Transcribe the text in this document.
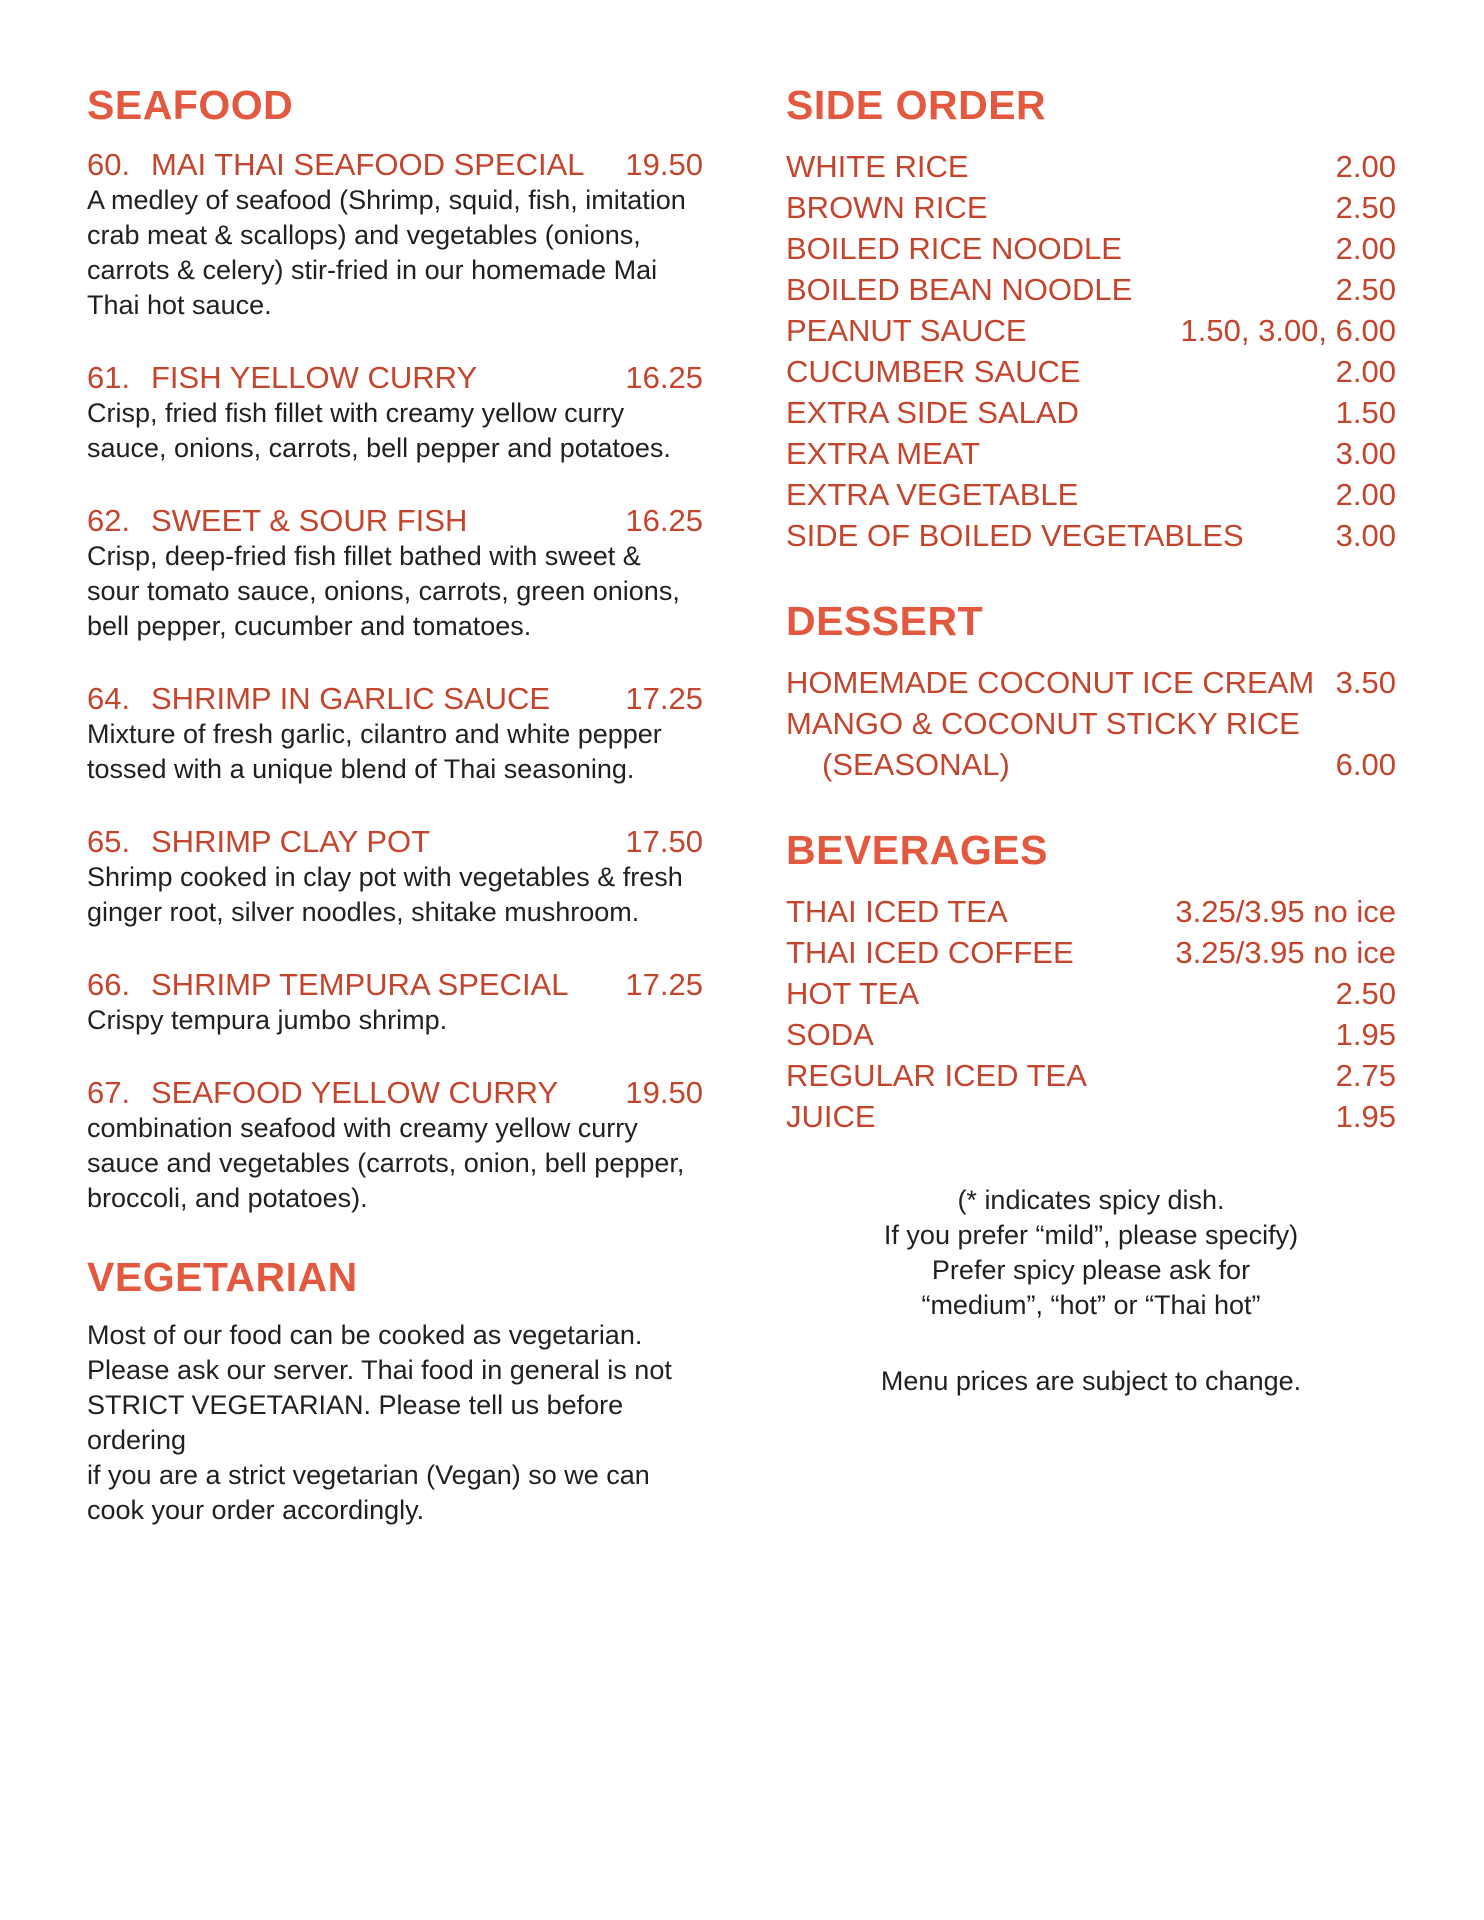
SEAFOOD
60. MAI THAI SEAFOOD SPECIAL 19.50
A medley of seafood (Shrimp, squid, fish, imitation
crab meat & scallops) and vegetables (onions,
carrots & celery) stir-fried in our homemade Mai
Thai hot sauce.
61. FISH YELLOW CURRY	16.25
Crisp, fried fish fillet with creamy yellow curry
sauce, onions, carrots, bell pepper and potatoes.
62. SWEET & SOUR FISH	16.25
Crisp, deep-fried fish fillet bathed with sweet &
sour tomato sauce, onions, carrots, green onions,
bell pepper, cucumber and tomatoes.
64. SHRIMP IN GARLIC SAUCE 17.25
Mixture of fresh garlic, cilantro and white pepper
tossed with a unique blend of Thai seasoning.
65. SHRIMP CLAY POT	17.50
Shrimp cooked in clay pot with vegetables & fresh
ginger root, silver noodles, shitake mushroom.
66. SHRIMP TEMPURA SPECIAL 17.25
Crispy tempura jumbo shrimp.
67. SEAFOOD YELLOW CURRY 19.50
combination seafood with creamy yellow curry
sauce and vegetables (carrots, onion, bell pepper,
broccoli, and potatoes).
VEGETARIAN
Most of our food can be cooked as vegetarian.
Please ask our server. Thai food in general is not
STRICT VEGETARIAN. Please tell us before ordering
if you are a strict vegetarian (Vegan) so we can
cook your order accordingly.
SIDE ORDER
WHITE RICE	2.00
BROWN RICE	2.50
BOILED RICE NOODLE	2.00
BOILED BEAN NOODLE	2.50
PEANUT SAUCE	1.50, 3.00, 6.00
CUCUMBER SAUCE	2.00
EXTRA SIDE SALAD	1.50
EXTRA MEAT	3.00
EXTRA VEGETABLE	2.00
SIDE OF BOILED VEGETABLES	3.00
DESSERT
HOMEMADE COCONUT ICE CREAM 3.50
MANGO & COCONUT STICKY RICE
(SEASONAL)	6.00
BEVERAGES
THAI ICED TEA	3.25/3.95 no ice
THAI ICED COFFEE	3.25/3.95 no ice
HOT TEA	2.50
SODA	1.95
REGULAR ICED TEA	2.75
JUICE	1.95
(* indicates spicy dish.
If you prefer “mild”, please specify)
Prefer spicy please ask for
“medium”, “hot” or “Thai hot”
Menu prices are subject to change.
